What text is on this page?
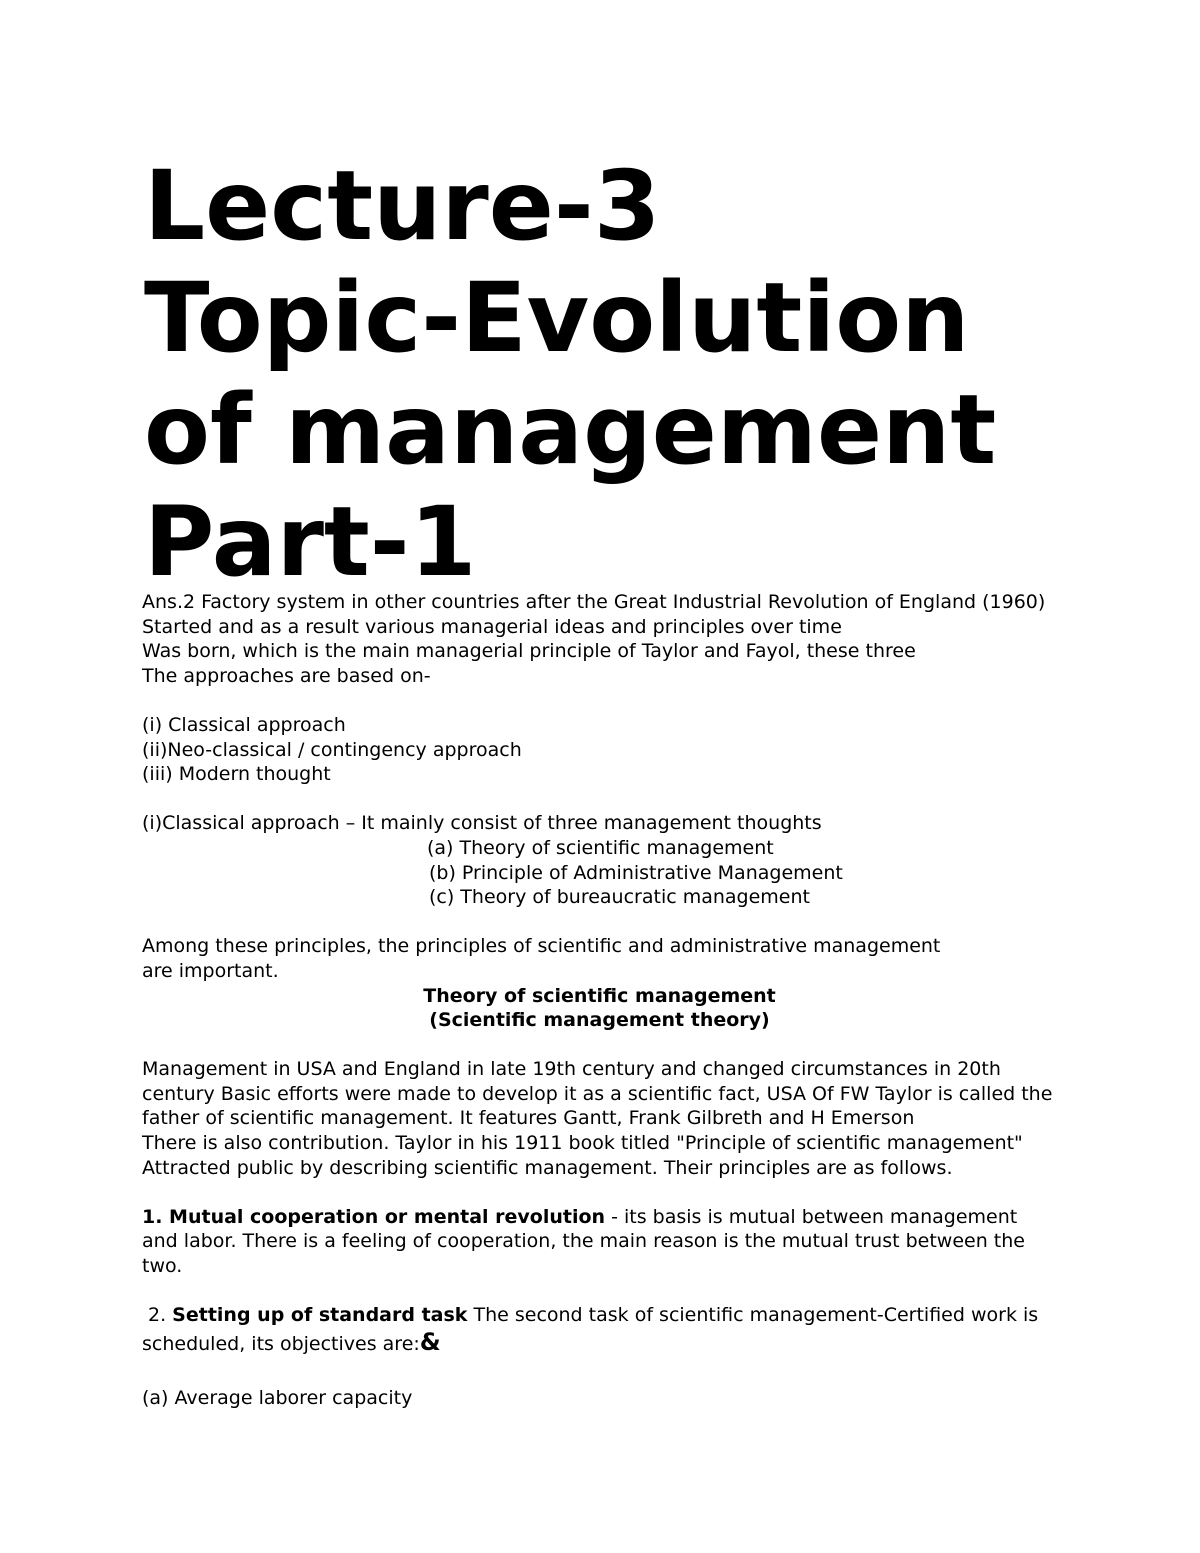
Lecture-3
Topic-Evolution
of management
Part-1
Ans.2 Factory system in other countries after the Great Industrial Revolution of England (1960)
Started and as a result various managerial ideas and principles over time
Was born, which is the main managerial principle of Taylor and Fayol, these three
The approaches are based on-
(i) Classical approach
(ii)Neo-classical / contingency approach
(iii) Modern thought
(i)Classical approach – It mainly consist of three management thoughts
(a) Theory of scientific management
(b) Principle of Administrative Management
(c) Theory of bureaucratic management
Among these principles, the principles of scientific and administrative management are important.
Theory of scientific management
(Scientific management theory)
Management in USA and England in late 19th century and changed circumstances in 20th
century Basic efforts were made to develop it as a scientific fact, USA Of FW Taylor is called the
father of scientific management. It features Gantt, Frank Gilbreth and H Emerson
There is also contribution. Taylor in his 1911 book titled "Principle of scientific management"
Attracted public by describing scientific management. Their principles are as follows.
1. Mutual cooperation or mental revolution - its basis is mutual between management and labor. There is a feeling of cooperation, the main reason is the mutual trust between the two.
2. Setting up of standard task The second task of scientific management-Certified work is
scheduled, its objectives are:&
(a) Average laborer capacity
